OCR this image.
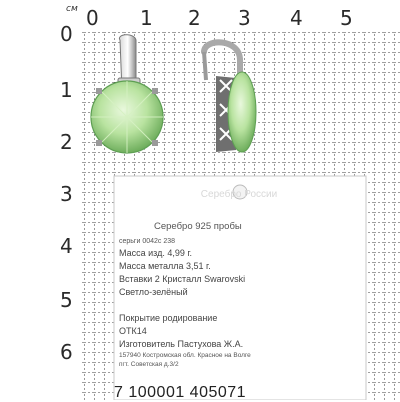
см
0
1
2
3
4
5
6
0 1 2 3 4 5
Серебро России
Серебро 925 пробы
серьги 0042с 238
Масса изд. 4,99 г.
Масса металла 3,51 г.
Вставки 2 Кристалл Swarovski
Светло-зелёный
Покрытие родирование
ОТК14
Изготовитель Пастухова Ж.А.
157940 Костромская обл. Красное на Волге
пгт. Советская д.3/2
7 100001 405071
